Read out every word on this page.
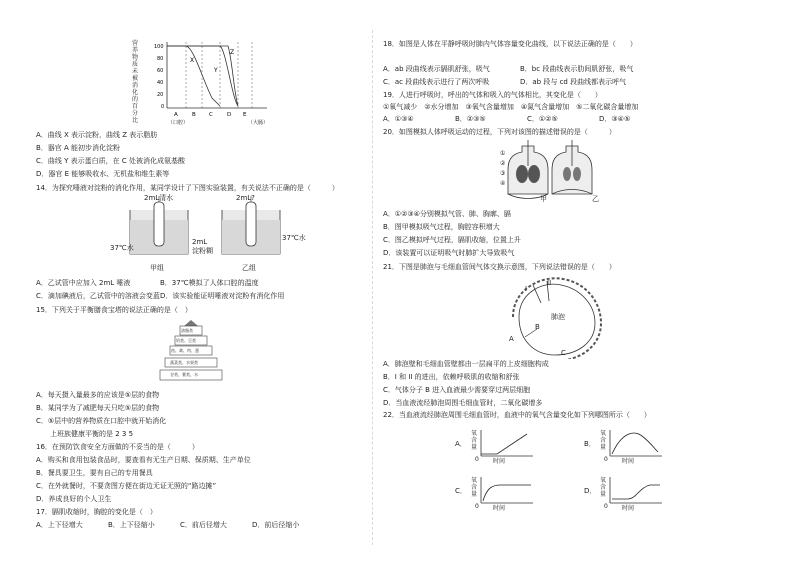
营养
物质
未被
消化
的百
分比
100
80
60
40
20
0
X
Y
Z
A	B C	D E
（口腔）	（大肠）
A．曲线 X 表示淀粉，曲线 Z 表示脂肪
B．器官 A 能初步消化淀粉
C．曲线 Y 表示蛋白质，在 C 处被消化成氨基酸
D．器官 E 能够吸收水、无机盐和维生素等
14．为探究唾液对淀粉的消化作用，某同学设计了下图实验装置，有关说法不正确的是（　　　）
2mL清水	2mL?
37℃水
37℃水
2mL
淀粉糊
甲组	乙组
A．乙试管中应加入 2mL 唾液	B．37℃模拟了人体口腔的温度
C．滴加碘液后，乙试管中的溶液会变蓝 D．该实验能证明唾液对淀粉有消化作用
15．下列关于平衡膳食宝塔的说法正确的是（　）
油脂类
奶类、豆类
鱼、禽、肉、蛋
蔬菜类、水果类
谷类、薯类、水
A．每天摄入量最多的应该是⑤层的食物
B．某同学为了减肥每天只吃⑤层的食物
C．⑤层中的营养物质在口腔中就开始消化
　　上班族健康平衡的是 2 3 5
16．在预防饮食安全方面做的不妥当的是（　　　）
A．购买和食用包装食品时，要查看有无生产日期、保质期、生产单位
B．餐具要卫生，要有自己的专用餐具
C．在外就餐时，不要贪图方便在街边无证无照的“路边摊”
D．养成良好的个人卫生
17．膈肌收缩时，胸腔的变化是（　）
A．上下径增大	B．上下径缩小	C．前后径增大	D．前后径缩小
18．如图是人体在平静呼吸时肺内气体容量变化曲线，以下说法正确的是（　　）
A．ab 段曲线表示膈肌舒张，吸气	B．bc 段曲线表示肋间肌舒张，吸气
C．ac 段曲线表示进行了两次呼吸	D．ab 段与 cd 段曲线都表示呼气
19．人进行呼吸时，呼出的气体和吸入的气体相比，其变化是（　　）
①氧气减少　②水分增加　③氧气含量增加　④氮气含量增加　⑤二氧化碳含量增加
A．①③④	B．②③⑤	C．①②⑤	D．③④⑤
20．如图模拟人体呼吸运动的过程，下列对该图的描述错误的是（　　　）
①
②
③
④
甲	乙
A．①②③④分别模拟气管、肺、胸廓、膈
B．图甲模拟吸气过程，胸腔容积增大
C．图乙模拟呼气过程，膈肌收缩，位置上升
D．该装置可以证明吸气时肺扩大导致吸气
21．下图是肺泡与毛细血管间气体交换示意图，下列说法错误的是（　　）
I
II
肺泡
A
B
C
A．肺泡壁和毛细血管壁都由一层扁平的上皮细胞构成
B．I 和 II 的进出，依赖呼吸肌的收缩和舒张
C．气体分子 B 进入血液最少需要穿过两层细胞
D．当血液流经肺泡周围毛细血管时，二氧化碳增多
22．当血液流经肺泡周围毛细血管时，血液中的氧气含量变化如下列哪图所示（　　）
A．
氧含量
0 时间
B．
氧含量
0 时间
C．
氧含量
0 时间
D．
氧含量
0 时间
